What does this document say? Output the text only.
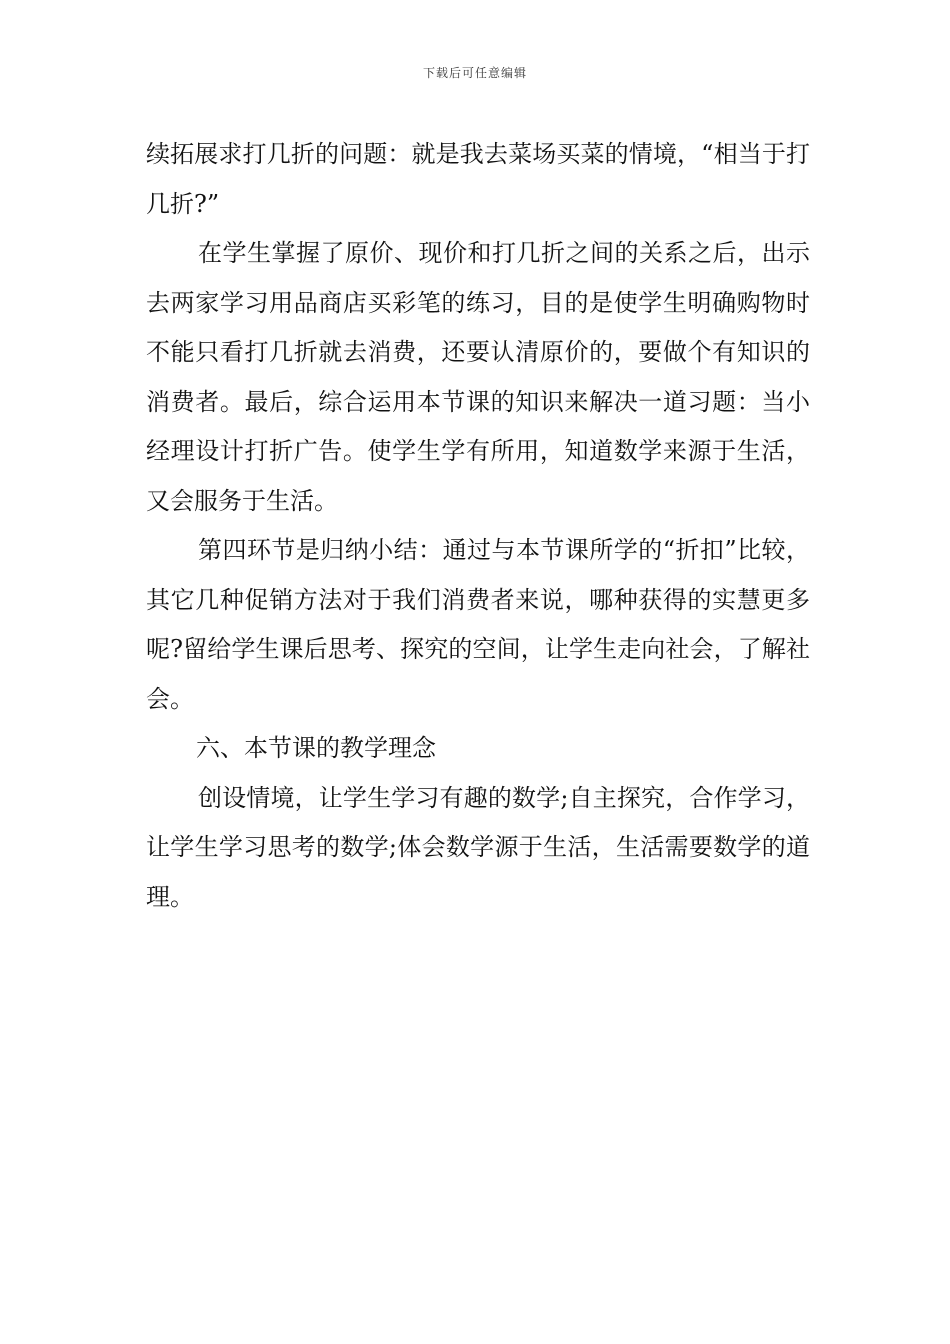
下载后可任意编辑

续拓展求打几折的问题：就是我去菜场买菜的情境，“相当于打几折?”

在学生掌握了原价、现价和打几折之间的关系之后，出示去两家学习用品商店买彩笔的练习，目的是使学生明确购物时不能只看打几折就去消费，还要认清原价的，要做个有知识的消费者。最后，综合运用本节课的知识来解决一道习题：当小经理设计打折广告。使学生学有所用，知道数学来源于生活，又会服务于生活。

第四环节是归纳小结：通过与本节课所学的“折扣”比较，其它几种促销方法对于我们消费者来说，哪种获得的实慧更多呢?留给学生课后思考、探究的空间，让学生走向社会，了解社会。

六、本节课的教学理念

创设情境，让学生学习有趣的数学;自主探究，合作学习，让学生学习思考的数学;体会数学源于生活，生活需要数学的道理。
